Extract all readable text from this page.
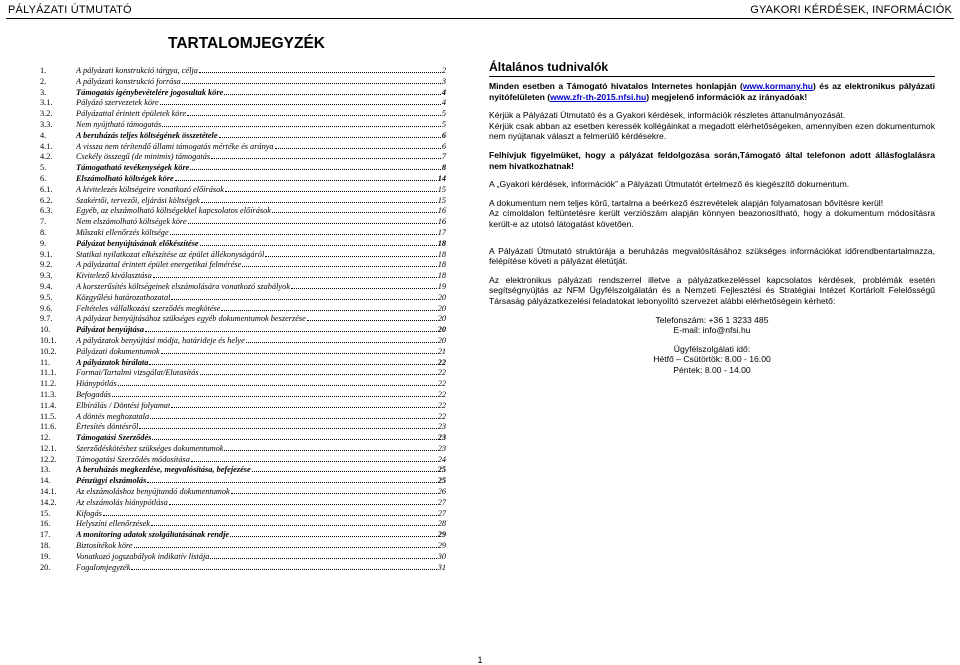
PÁLYÁZATI ÚTMUTATÓ	GYAKORI KÉRDÉSEK, INFORMÁCIÓK
TARTALOMJEGYZÉK
1.	A pályázati konstrukció tárgya, célja	2
2.	A pályázati konstrukció forrása	3
3.	Támogatás igénybevételére jogosultak köre	4
3.1.	Pályázó szervezetek köre	4
3.2.	Pályázattal érintett épületek köre	5
3.3.	Nem nyújtható támogatás	5
4.	A beruházás teljes költségének összetétele	6
4.1.	A vissza nem térítendő állami támogatás mértéke és aránya	6
4.2.	Csekély összegű (de minimis) támogatás	7
5.	Támogatható tevékenységek köre	8
6.	Elszámolható költségek köre	14
6.1.	A kivitelezés költségeire vonatkozó előírások	15
6.2.	Szakértői, tervezői, eljárási költségek	15
6.3.	Egyéb, az elszámolható költségekkel kapcsolatos előírások	16
7.	Nem elszámolható költségek köre	16
8.	Műszaki ellenőrzés költsége	17
9.	Pályázat benyújtásának előkészítése	18
9.1.	Statikai nyilatkozat elkészítése az épület állékonyságáról	18
9.2.	A pályázattal érintett épület energetikai felmérése	18
9.3.	Kivitelező kiválasztása	18
9.4.	A korszerűsítés költségeinek elszámolására vonatkozó szabályok	19
9.5.	Közgyűlési határozathozatal	20
9.6.	Feltételes vállalkozási szerződés megkötése	20
9.7.	A pályázat benyújtásához szükséges egyéb dokumentumok beszerzése	20
10.	Pályázat benyújtása	20
10.1.	A pályázatok benyújtási módja, határideje és helye	20
10.2.	Pályázati dokumentumok	21
11.	A pályázatok bírálata	22
11.1.	Formai/Tartalmi vizsgálat/Elutasítás	22
11.2.	Hiánypótlás	22
11.3.	Befogadás	22
11.4.	Elbírálás / Döntési folyamat	22
11.5.	A döntés meghozatala	22
11.6.	Értesítés döntésről	23
12.	Támogatási Szerződés	23
12.1.	Szerződéskötéshez szükséges dokumentumok	23
12.2.	Támogatási Szerződés módosítása	24
13.	A beruházás megkezdése, megvalósítása, befejezése	25
14.	Pénzügyi elszámolás	25
14.1.	Az elszámoláshoz benyújtandó dokumentumok	26
14.2.	Az elszámolás hiánypótlása	27
15.	Kifogás	27
16.	Helyszíni ellenőrzések	28
17.	A monitoring adatok szolgáltatásának rendje	29
18.	Biztosítékok köre	29
19.	Vonatkozó jogszabályok indikatív listája	30
20.	Fogalomjegyzék	31
Általános tudnivalók

Minden esetben a Támogató hivatalos Internetes honlapján (www.kormany.hu) és az elektronikus pályázati nyitófelületen (www.zfr-th-2015.nfsi.hu) megjelenő információk az irányadóak!

Kérjük a Pályázati Útmutató és a Gyakori kérdések, információk részletes áttanulmányozását.

Kérjük csak abban az esetben keressék kollégáinkat a megadott elérhetőségeken, amennyiben ezen dokumentumok nem nyújtanak választ a felmerülő kérdésekre.

Felhívjuk figyelmüket, hogy a pályázat feldolgozása során,Támogató által telefonon adott állásfoglalásra nem hivatkozhatnak!

A „Gyakori kérdések, információk” a Pályázati Útmutatót értelmező és kiegészítő dokumentum.

A dokumentum nem teljes körű, tartalma a beérkező észrevételek alapján folyamatosan bővítésre kerül!

Az címoldalon feltüntetésre került verziószám alapján könnyen beazonosítható, hogy a dokumentum módosításra került-e az utolsó látogatást követően.

A Pályázati Útmutató struktúrája a beruházás megvalósításához szükséges információkat időrendbentartalmazza, felépítése követi a pályázat életútját.

Az elektronikus pályázati rendszerrel illetve a pályázatkezeléssel kapcsolatos kérdések, problémák esetén segítségnyújtás az NFM Ügyfélszolgálatán és a Nemzeti Fejlesztési és Stratégiai Intézet Kortárlolt Felelősségű Társaság pályázatkezelési feladatokat lebonyolító szervezet alábbi elérhetőségein kérhető:

Telefonszám: +36 1 3233 485

E-mail: info@nfsi.hu

Ügyfélszolgálati idő:

Hétfő – Csütörtök: 8.00 - 16.00

Péntek: 8.00 - 14.00

1
